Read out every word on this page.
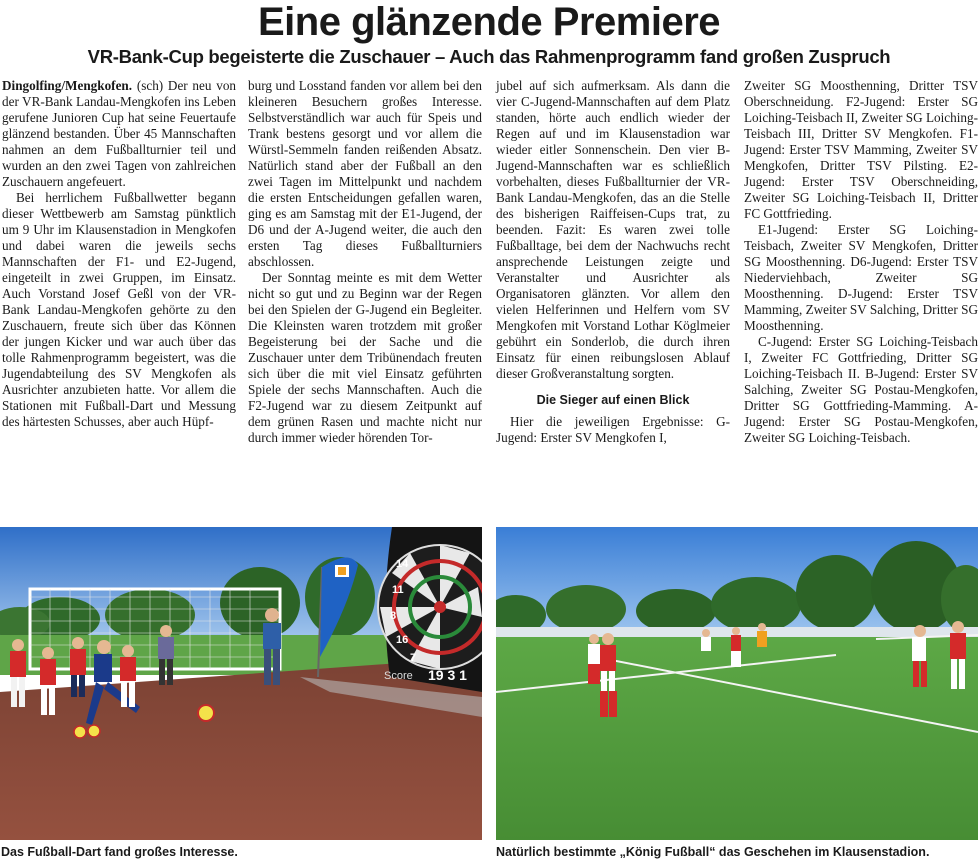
Eine glänzende Premiere
VR-Bank-Cup begeisterte die Zuschauer – Auch das Rahmenprogramm fand großen Zuspruch

Dingolfing/Mengkofen. (sch) Der neu von der VR-Bank Landau-Mengkofen ins Leben gerufene Junioren Cup hat seine Feuertaufe glänzend bestanden. Über 45 Mannschaften nahmen an dem Fußballturnier teil und wurden an den zwei Tagen von zahlreichen Zuschauern angefeuert.

Bei herrlichem Fußballwetter begann dieser Wettbewerb am Samstag pünktlich um 9 Uhr im Klausenstadion in Mengkofen und dabei waren die jeweils sechs Mannschaften der F1- und E2-Jugend, eingeteilt in zwei Gruppen, im Einsatz. Auch Vorstand Josef Geßl von der VR-Bank Landau-Mengkofen gehörte zu den Zuschauern, freute sich über das Können der jungen Kicker und war auch über das tolle Rahmenprogramm begeistert, was die Jugendabteilung des SV Mengkofen als Ausrichter anzubieten hatte. Vor allem die Stationen mit Fußball-Dart und Messung des härtesten Schusses, aber auch Hüpf-

burg und Losstand fanden vor allem bei den kleineren Besuchern großes Interesse. Selbstverständlich war auch für Speis und Trank bestens gesorgt und vor allem die Würstl-Semmeln fanden reißenden Absatz. Natürlich stand aber der Fußball an den zwei Tagen im Mittelpunkt und nachdem die ersten Entscheidungen gefallen waren, ging es am Samstag mit der E1-Jugend, der D6 und der A-Jugend weiter, die auch den ersten Tag dieses Fußballturniers abschlossen.

Der Sonntag meinte es mit dem Wetter nicht so gut und zu Beginn war der Regen bei den Spielen der G-Jugend ein Begleiter. Die Kleinsten waren trotzdem mit großer Begeisterung bei der Sache und die Zuschauer unter dem Tribünendach freuten sich über die mit viel Einsatz geführten Spiele der sechs Mannschaften. Auch die F2-Jugend war zu diesem Zeitpunkt auf dem grünen Rasen und machte nicht nur durch immer wieder hörenden Tor-

jubel auf sich aufmerksam. Als dann die vier C-Jugend-Mannschaften auf dem Platz standen, hörte auch endlich wieder der Regen auf und im Klausenstadion war wieder eitler Sonnenschein. Den vier B-Jugend-Mannschaften war es schließlich vorbehalten, dieses Fußballturnier der VR-Bank Landau-Mengkofen, das an die Stelle des bisherigen Raiffeisen-Cups trat, zu beenden. Fazit: Es waren zwei tolle Fußballtage, bei dem der Nachwuchs recht ansprechende Leistungen zeigte und Veranstalter und Ausrichter als Organisatoren glänzten. Vor allem den vielen Helferinnen und Helfern vom SV Mengkofen mit Vorstand Lothar Köglmeier gebührt ein Sonderlob, die durch ihren Einsatz für einen reibungslosen Ablauf dieser Großveranstaltung sorgten.

Die Sieger auf einen Blick

Hier die jeweiligen Ergebnisse: G-Jugend: Erster SV Mengkofen I,

Zweiter SG Moosthenning, Dritter TSV Oberschneidung. F2-Jugend: Erster SG Loiching-Teisbach II, Zweiter SG Loiching-Teisbach III, Dritter SV Mengkofen. F1-Jugend: Erster TSV Mamming, Zweiter SV Mengkofen, Dritter TSV Pilsting. E2-Jugend: Erster TSV Oberschneiding, Zweiter SG Loiching-Teisbach II, Dritter FC Gottfrieding.

E1-Jugend: Erster SG Loiching-Teisbach, Zweiter SV Mengkofen, Dritter SG Moosthenning. D6-Jugend: Erster TSV Niederviehbach, Zweiter SG Moosthenning. D-Jugend: Erster TSV Mamming, Zweiter SV Salching, Dritter SG Moosthenning.

C-Jugend: Erster SG Loiching-Teisbach I, Zweiter FC Gottfrieding, Dritter SG Loiching-Teisbach II. B-Jugend: Erster SV Salching, Zweiter SG Postau-Mengkofen, Dritter SG Gottfrieding-Mamming. A-Jugend: Erster SG Postau-Mengkofen, Zweiter SG Loiching-Teisbach.

14
11
8
16
7
Score 19 3 1
Das Fußball-Dart fand großes Interesse.	Natürlich bestimmte „König Fußball“ das Geschehen im Klausenstadion.
